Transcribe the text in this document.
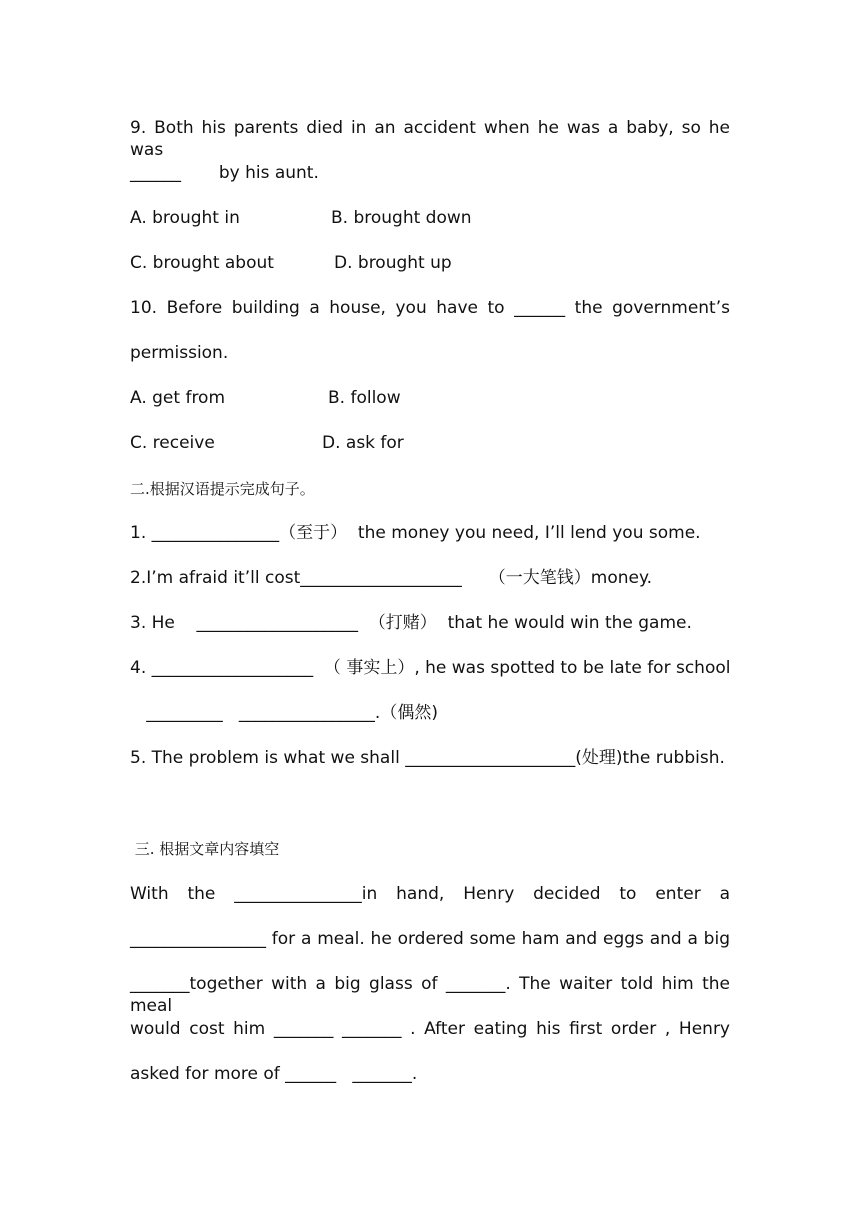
9. Both his parents died in an accident when he was a baby, so he was
______       by his aunt.
A. brought in	B. brought down
C. brought about	D. brought up
10. Before building a house, you have to ______ the government’s
permission.
A. get from	B. follow
C. receive	D. ask for
二.根据汉语提示完成句子。
1. _______________（至于）  the money you need, I’ll lend you some.
2.I’m afraid it’ll cost___________________     （一大笔钱）money.
3. He    ___________________  （打赌）  that he would win the game.
4. ___________________  （ 事实上）, he was spotted to be late for school
_________   ________________.（偶然)
5. The problem is what we shall ____________________(处理)the rubbish.
三. 根据文章内容填空
With the _______________in hand, Henry decided to enter a
________________ for a meal. he ordered some ham and eggs and a big
_______together with a big glass of _______. The waiter told him the meal
would cost him _______ _______ . After eating his first order , Henry
asked for more of ______   _______.
